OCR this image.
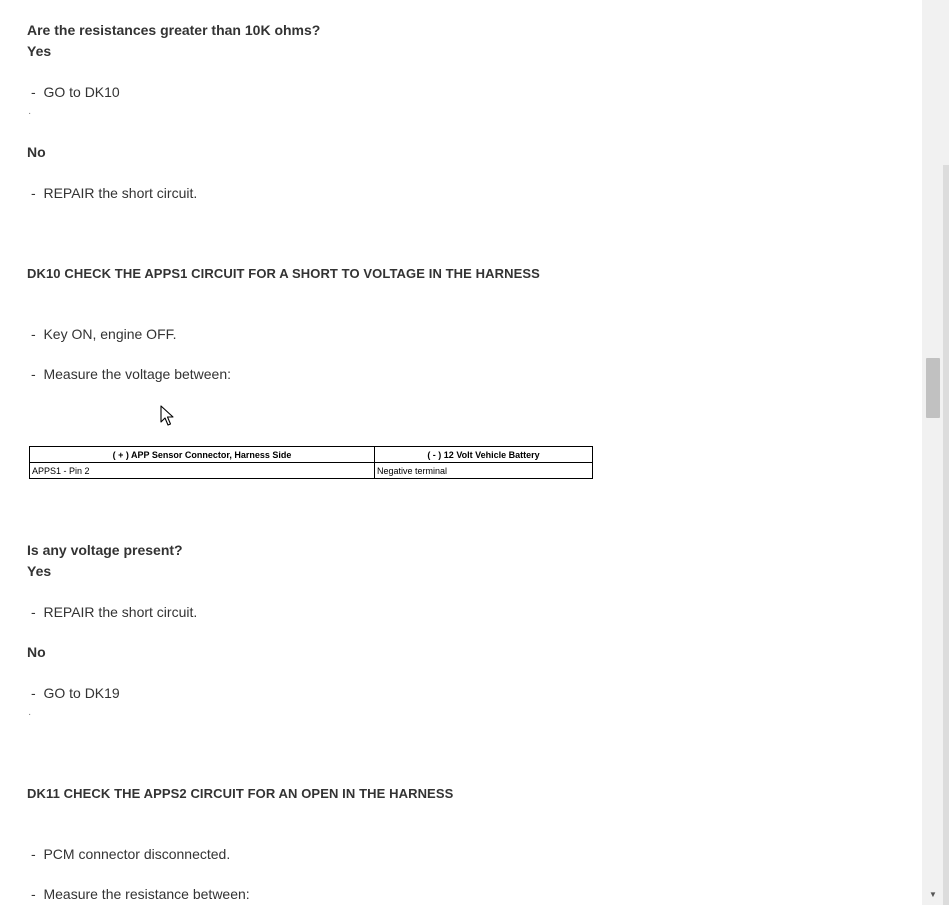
Are the resistances greater than 10K ohms?
Yes
- GO to DK10
·
No
- REPAIR the short circuit.
DK10 CHECK THE APPS1 CIRCUIT FOR A SHORT TO VOLTAGE IN THE HARNESS
- Key ON, engine OFF.
- Measure the voltage between:
( + ) APP Sensor Connector, Harness Side	( - ) 12 Volt Vehicle Battery
APPS1 - Pin 2	Negative terminal
Is any voltage present?
Yes
- REPAIR the short circuit.
No
- GO to DK19
·
DK11 CHECK THE APPS2 CIRCUIT FOR AN OPEN IN THE HARNESS
- PCM connector disconnected.
- Measure the resistance between:	▼
